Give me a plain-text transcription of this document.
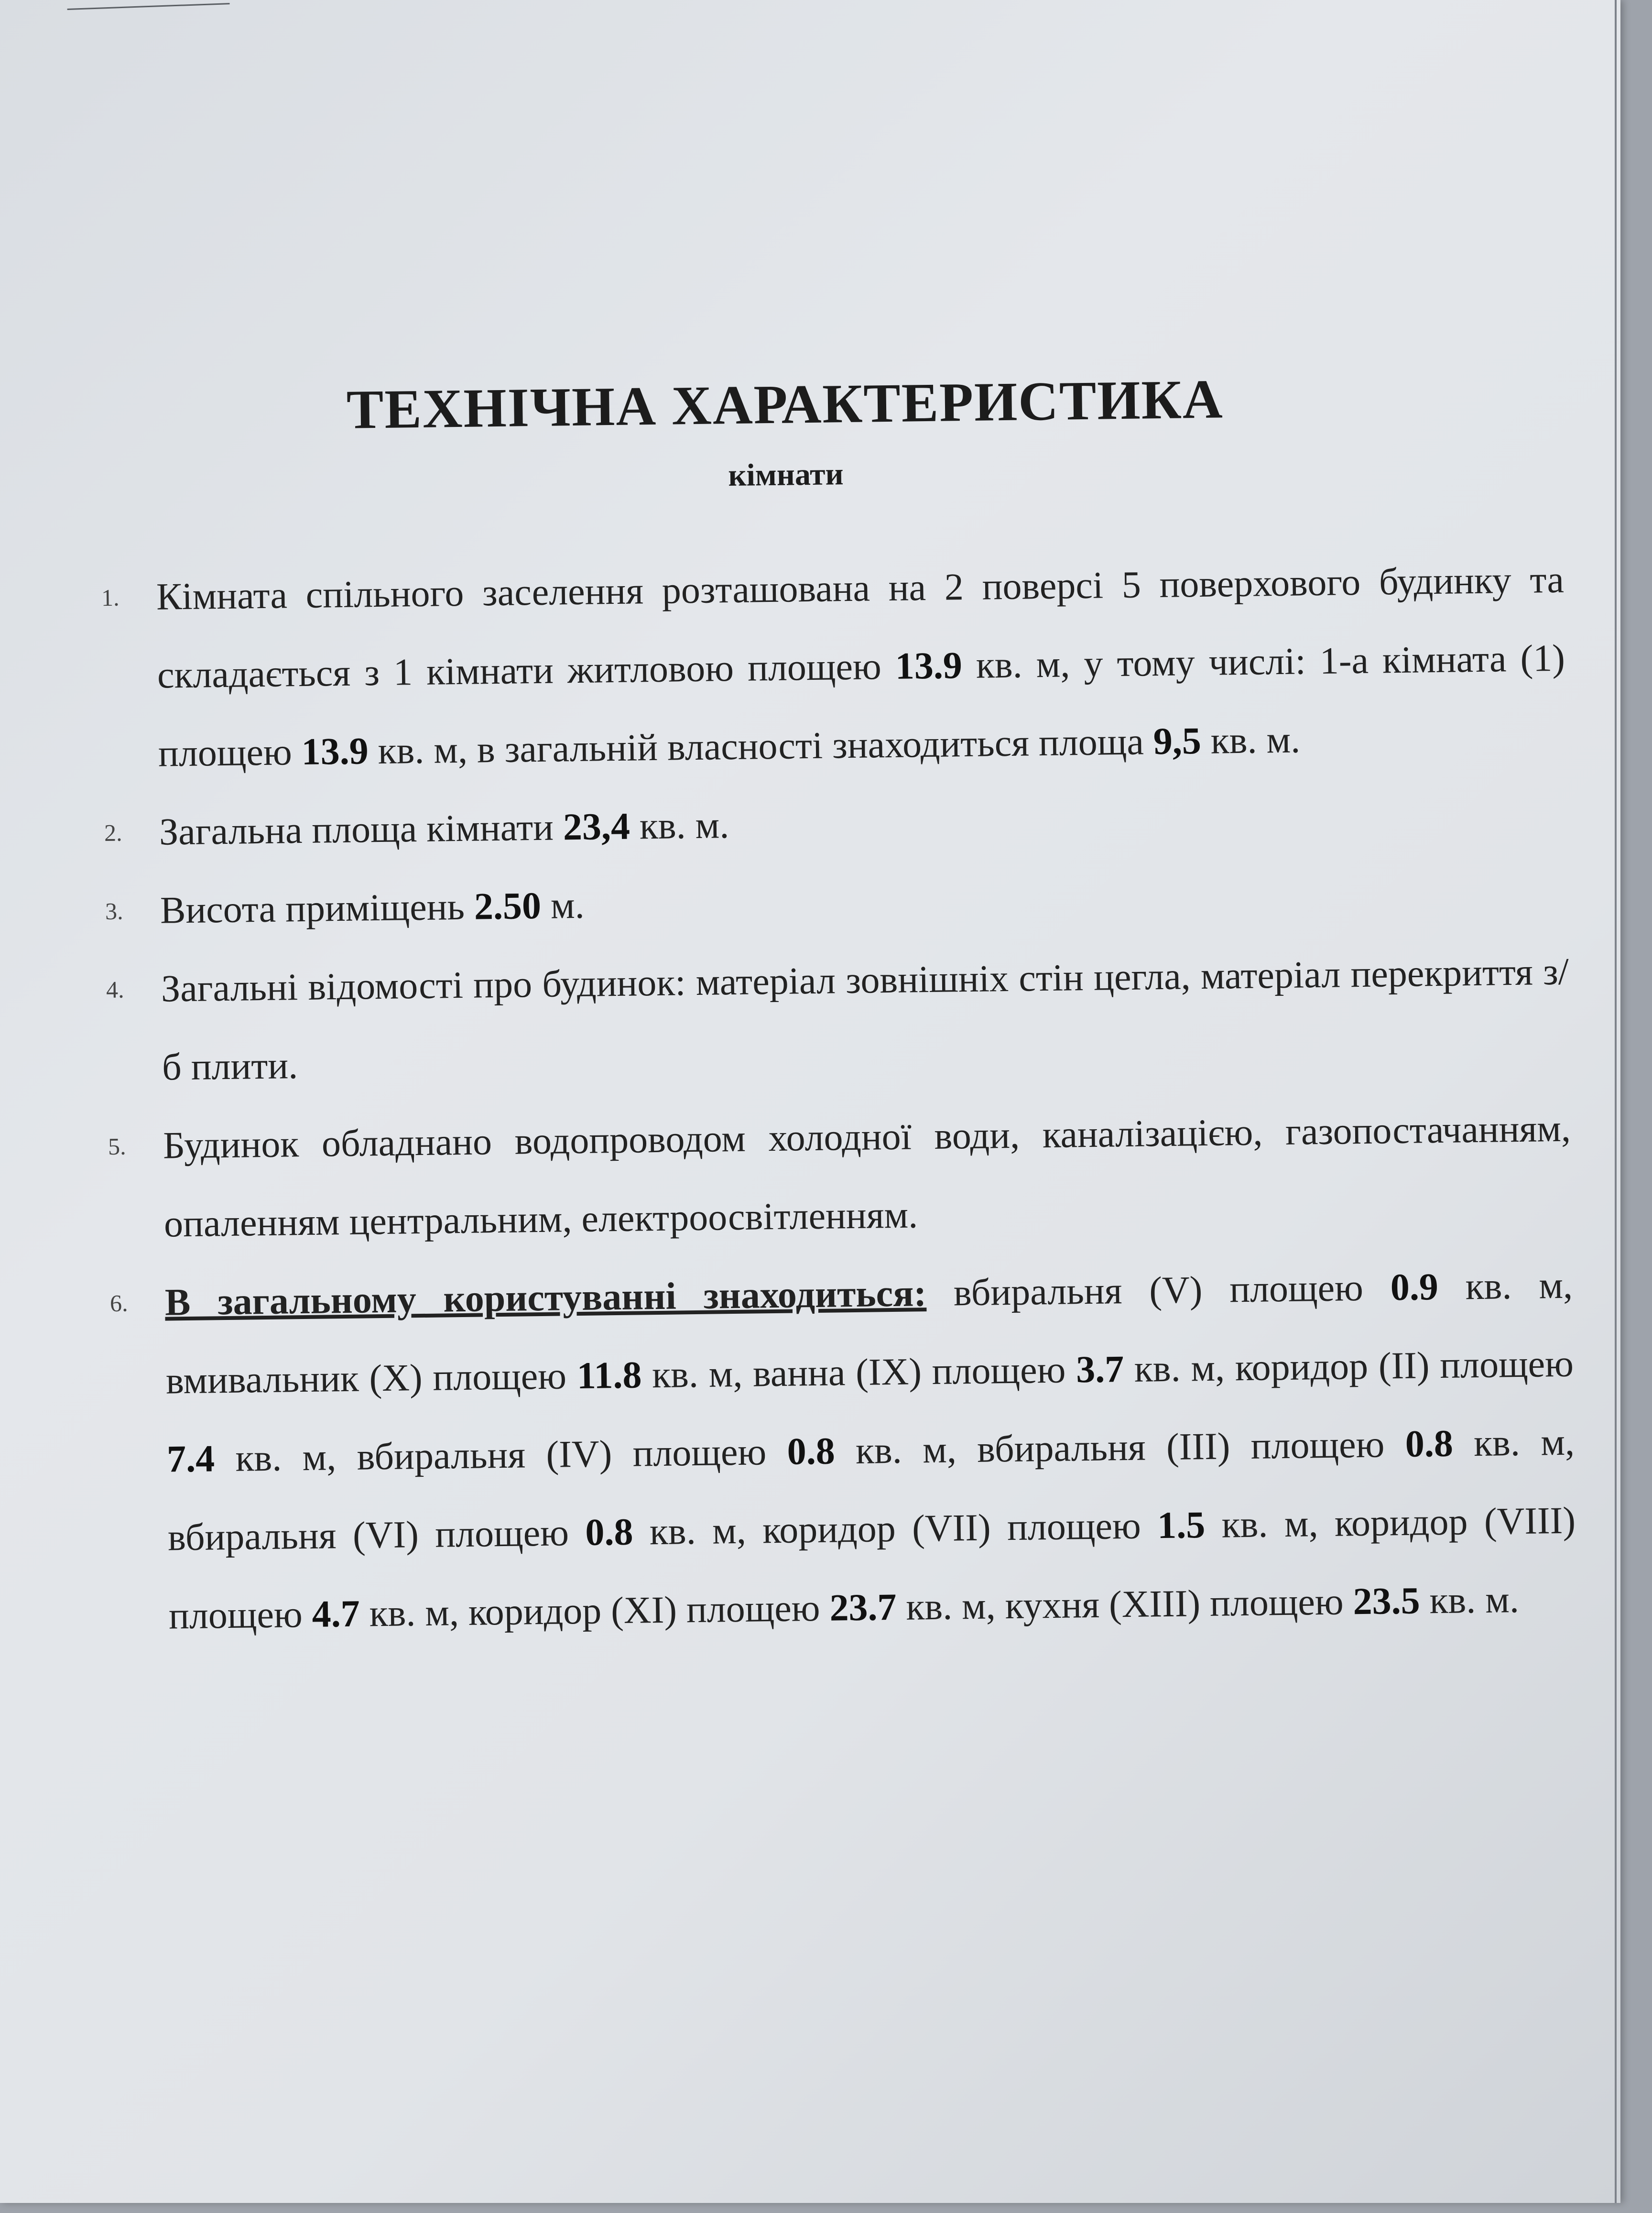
ТЕХНІЧНА ХАРАКТЕРИСТИКА
кімнати
1. Кімната спільного заселення розташована на 2 поверсі 5 поверхового будинку та складається з 1 кімнати житловою площею 13.9 кв. м, у тому числі: 1-а кімната (1) площею 13.9 кв. м, в загальній власності знаходиться площа 9,5 кв. м.
2. Загальна площа кімнати 23,4 кв. м.
3. Висота приміщень 2.50 м.
4. Загальні відомості про будинок: матеріал зовнішніх стін цегла, матеріал перекриття з/б плити.
5. Будинок обладнано водопроводом холодної води, каналізацією, газопостачанням, опаленням центральним, електроосвітленням.
6. В загальному користуванні знаходиться: вбиральня (V) площею 0.9 кв. м, вмивальник (X) площею 11.8 кв. м, ванна (IX) площею 3.7 кв. м, коридор (II) площею 7.4 кв. м, вбиральня (IV) площею 0.8 кв. м, вбиральня (III) площею 0.8 кв. м, вбиральня (VI) площею 0.8 кв. м, коридор (VII) площею 1.5 кв. м, коридор (VIII) площею 4.7 кв. м, коридор (XI) площею 23.7 кв. м, кухня (XIII) площею 23.5 кв. м.
